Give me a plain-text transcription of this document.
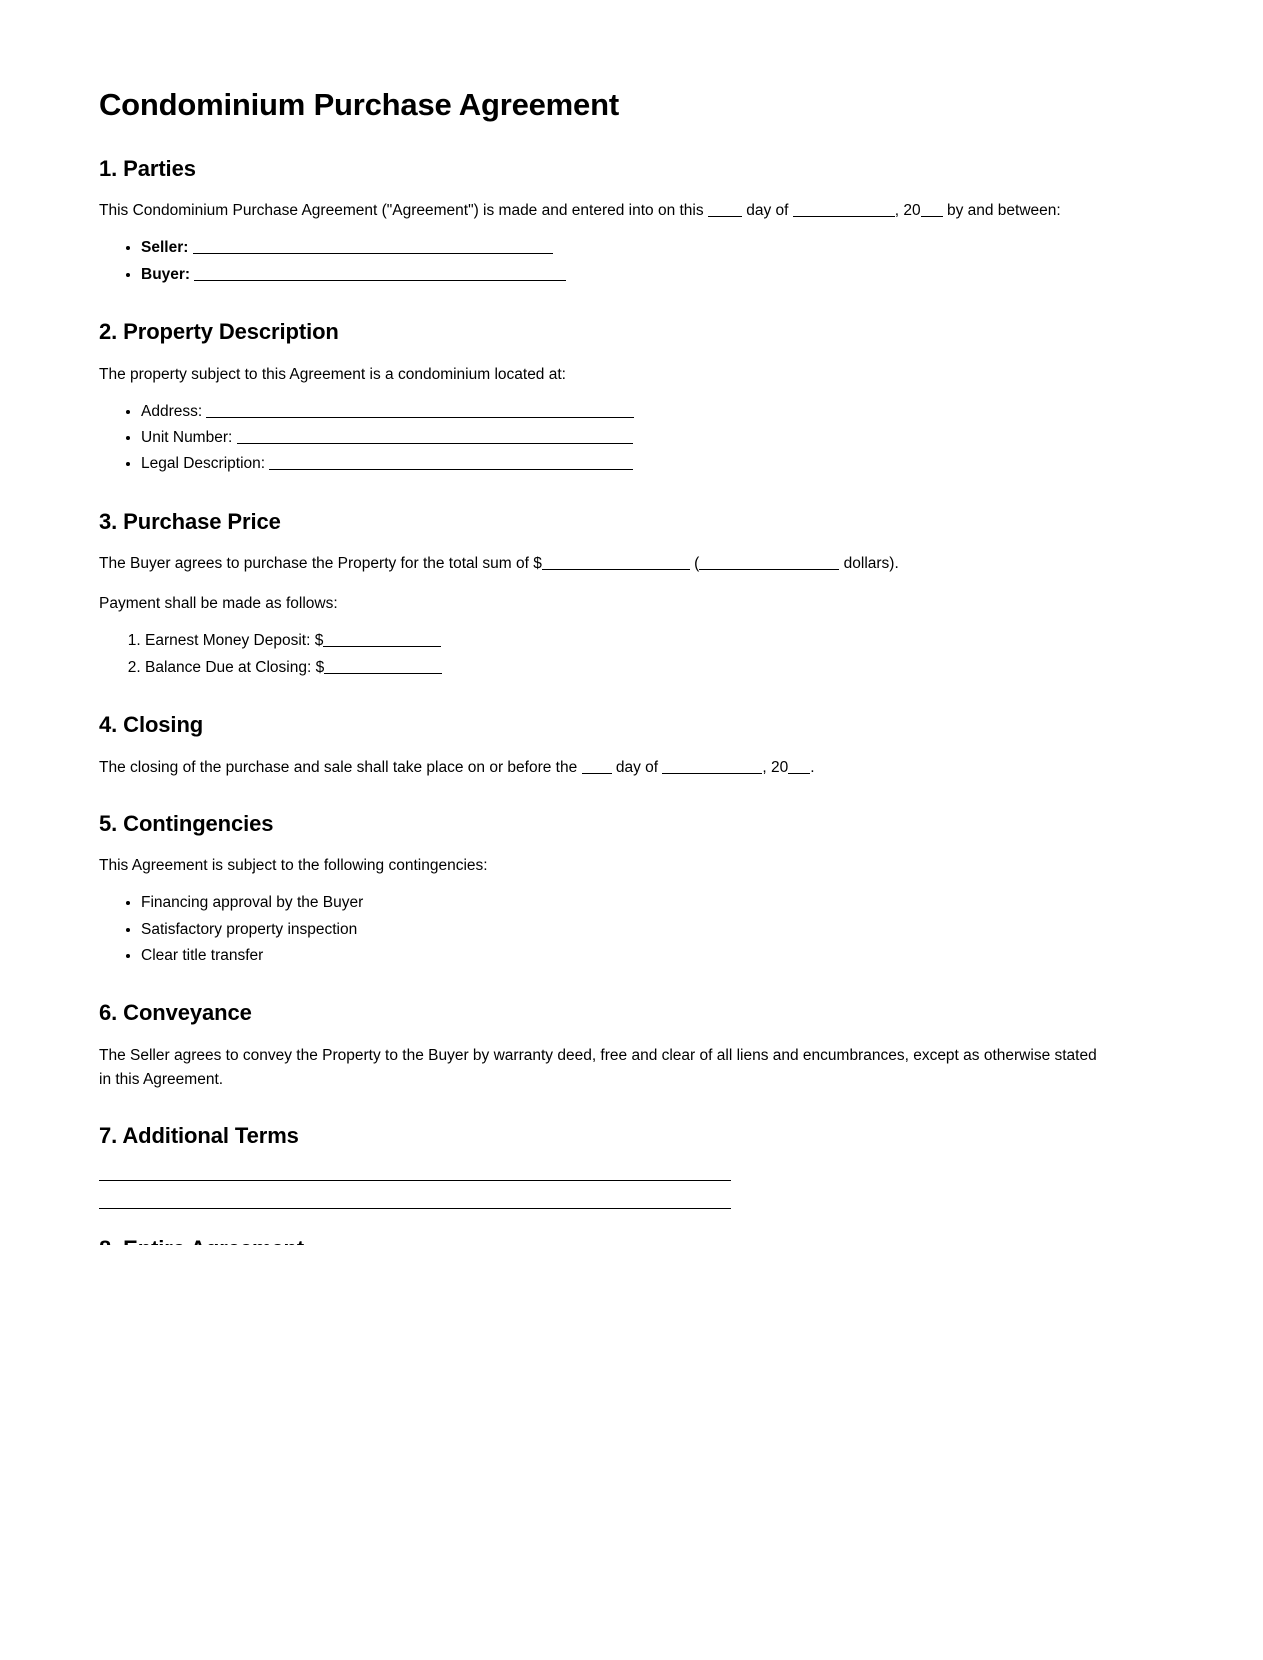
Condominium Purchase Agreement
1. Parties

This Condominium Purchase Agreement ("Agreement") is made and entered into on this  day of	, 20 by and between:

• Seller:
• Buyer:
2. Property Description

The property subject to this Agreement is a condominium located at:

• Address:
• Unit Number:
• Legal Description:
3. Purchase Price

The Buyer agrees to purchase the Property for the total sum of $	(	dollars).

Payment shall be made as follows:

1. Earnest Money Deposit: $
2. Balance Due at Closing: $
4. Closing

The closing of the purchase and sale shall take place on or before the  day of	, 20 .

5. Contingencies

This Agreement is subject to the following contingencies:

• Financing approval by the Buyer
• Satisfactory property inspection
• Clear title transfer
6. Conveyance

The Seller agrees to convey the Property to the Buyer by warranty deed, free and clear of all liens and encumbrances, except as otherwise stated in this Agreement.

7. Additional Terms
